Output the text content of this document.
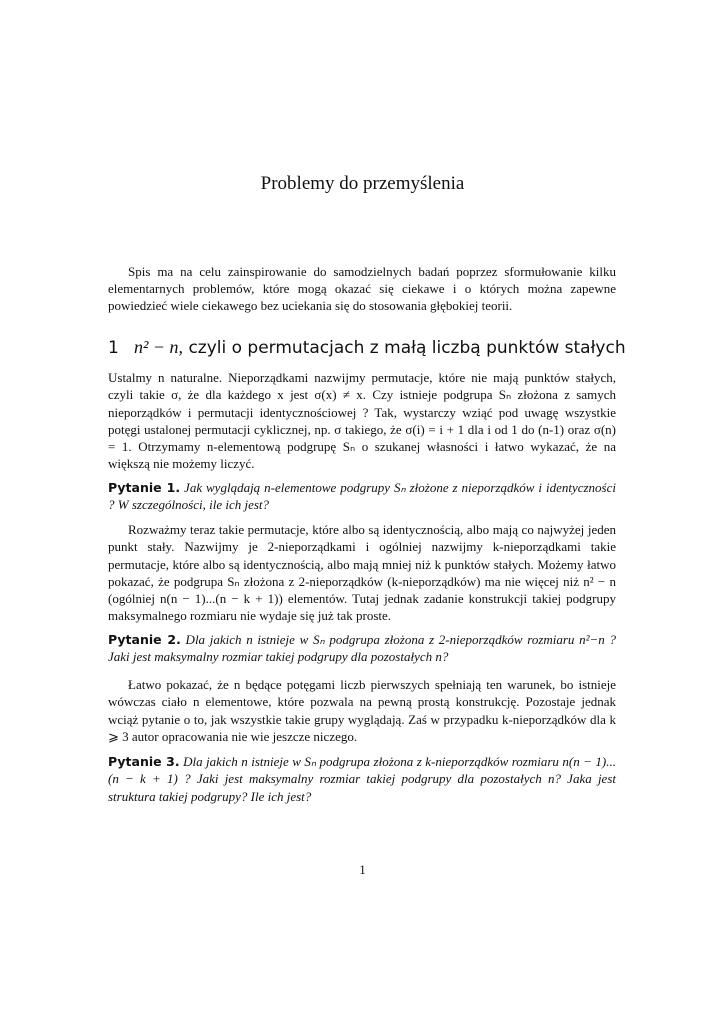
Problemy do przemyślenia

Spis ma na celu zainspirowanie do samodzielnych badań poprzez sformułowanie kilku elementarnych problemów, które mogą okazać się ciekawe i o których można zapewne powiedzieć wiele ciekawego bez uciekania się do stosowania głębokiej teorii.

1 n² − n, czyli o permutacjach z małą liczbą punktów stałych

Ustalmy n naturalne. Nieporządkami nazwijmy permutacje, które nie mają punktów stałych, czyli takie σ, że dla każdego x jest σ(x) ≠ x. Czy istnieje podgrupa Sₙ złożona z samych nieporządków i permutacji identycznościowej ? Tak, wystarczy wziąć pod uwagę wszystkie potęgi ustalonej permutacji cyklicznej, np. σ takiego, że σ(i) = i + 1 dla i od 1 do (n-1) oraz σ(n) = 1. Otrzymamy n-elementową podgrupę Sₙ o szukanej własności i łatwo wykazać, że na większą nie możemy liczyć.

Pytanie 1. Jak wyglądają n-elementowe podgrupy Sₙ złożone z nieporządków i identyczności ? W szczególności, ile ich jest?

Rozważmy teraz takie permutacje, które albo są identycznością, albo mają co najwyżej jeden punkt stały. Nazwijmy je 2-nieporządkami i ogólniej nazwijmy k-nieporządkami takie permutacje, które albo są identycznością, albo mają mniej niż k punktów stałych. Możemy łatwo pokazać, że podgrupa Sₙ złożona z 2-nieporządków (k-nieporządków) ma nie więcej niż n² − n (ogólniej n(n − 1)...(n − k + 1)) elementów. Tutaj jednak zadanie konstrukcji takiej podgrupy maksymalnego rozmiaru nie wydaje się już tak proste.

Pytanie 2. Dla jakich n istnieje w Sₙ podgrupa złożona z 2-nieporządków rozmiaru n²−n ? Jaki jest maksymalny rozmiar takiej podgrupy dla pozostałych n?

Łatwo pokazać, że n będące potęgami liczb pierwszych spełniają ten warunek, bo istnieje wówczas ciało n elementowe, które pozwala na pewną prostą konstrukcję. Pozostaje jednak wciąż pytanie o to, jak wszystkie takie grupy wyglądają. Zaś w przypadku k-nieporządków dla k ⩾ 3 autor opracowania nie wie jeszcze niczego.

Pytanie 3. Dla jakich n istnieje w Sₙ podgrupa złożona z k-nieporządków rozmiaru n(n − 1)...(n − k + 1) ? Jaki jest maksymalny rozmiar takiej podgrupy dla pozostałych n? Jaka jest struktura takiej podgrupy? Ile ich jest?

1
